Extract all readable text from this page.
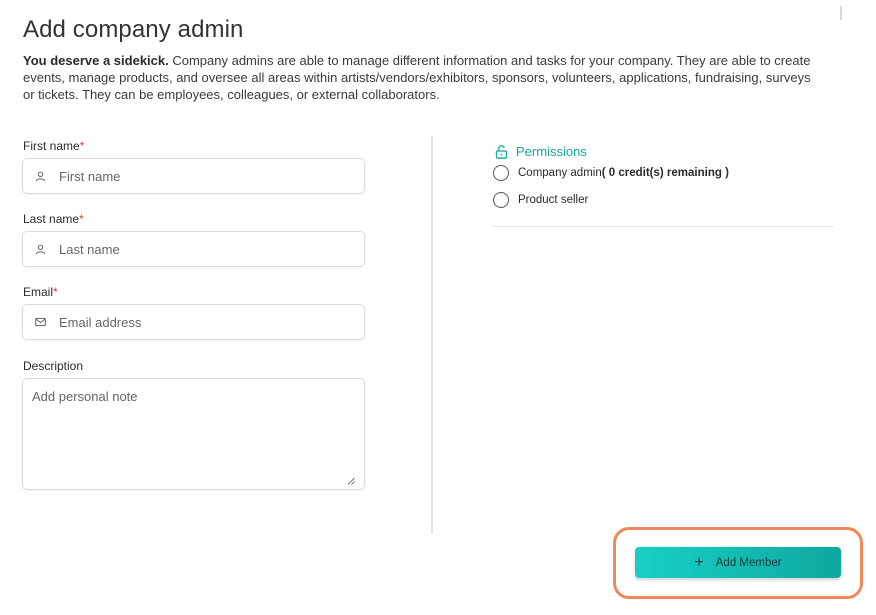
Add company admin

You deserve a sidekick. Company admins are able to manage different information and tasks for your company. They are able to create events, manage products, and oversee all areas within artists/vendors/exhibitors, sponsors, volunteers, applications, fundraising, surveys or tickets. They can be employees, colleagues, or external collaborators.

First name*
First name
Last name*
Last name
Email*
Email address
Description
Add personal note
Permissions
Company admin ( 0 credit(s) remaining )
Product seller
+ Add Member
